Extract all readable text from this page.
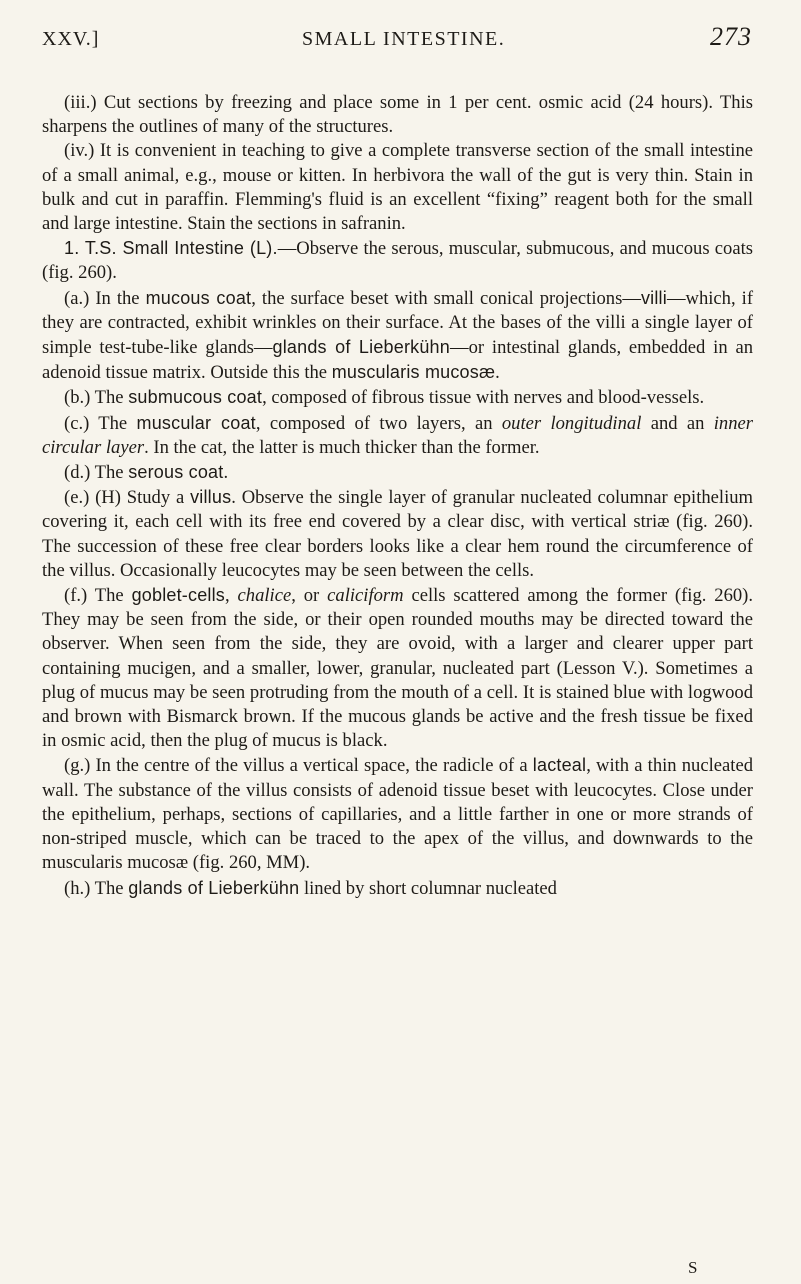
XXV.]	SMALL INTESTINE.	273

(iii.) Cut sections by freezing and place some in 1 per cent. osmic acid (24 hours). This sharpens the outlines of many of the structures.

(iv.) It is convenient in teaching to give a complete transverse section of the small intestine of a small animal, e.g., mouse or kitten. In herbivora the wall of the gut is very thin. Stain in bulk and cut in paraffin. Flemming's fluid is an excellent “fixing” reagent both for the small and large intestine. Stain the sections in safranin.

1. T.S. Small Intestine (L).—Observe the serous, muscular, submucous, and mucous coats (fig. 260).

(a.) In the mucous coat, the surface beset with small conical projections—villi—which, if they are contracted, exhibit wrinkles on their surface. At the bases of the villi a single layer of simple test-tube-like glands—glands of Lieberkühn—or intestinal glands, embedded in an adenoid tissue matrix. Outside this the muscularis mucosæ.

(b.) The submucous coat, composed of fibrous tissue with nerves and blood-vessels.

(c.) The muscular coat, composed of two layers, an outer longitudinal and an inner circular layer. In the cat, the latter is much thicker than the former.

(d.) The serous coat.

(e.) (H) Study a villus. Observe the single layer of granular nucleated columnar epithelium covering it, each cell with its free end covered by a clear disc, with vertical striæ (fig. 260). The succession of these free clear borders looks like a clear hem round the circumference of the villus. Occasionally leucocytes may be seen between the cells.

(f.) The goblet-cells, chalice, or caliciform cells scattered among the former (fig. 260). They may be seen from the side, or their open rounded mouths may be directed toward the observer. When seen from the side, they are ovoid, with a larger and clearer upper part containing mucigen, and a smaller, lower, granular, nucleated part (Lesson V.). Sometimes a plug of mucus may be seen protruding from the mouth of a cell. It is stained blue with logwood and brown with Bismarck brown. If the mucous glands be active and the fresh tissue be fixed in osmic acid, then the plug of mucus is black.

(g.) In the centre of the villus a vertical space, the radicle of a lacteal, with a thin nucleated wall. The substance of the villus consists of adenoid tissue beset with leucocytes. Close under the epithelium, perhaps, sections of capillaries, and a little farther in one or more strands of non-striped muscle, which can be traced to the apex of the villus, and downwards to the muscularis mucosæ (fig. 260, MM).

(h.) The glands of Lieberkühn lined by short columnar nucleated

S
